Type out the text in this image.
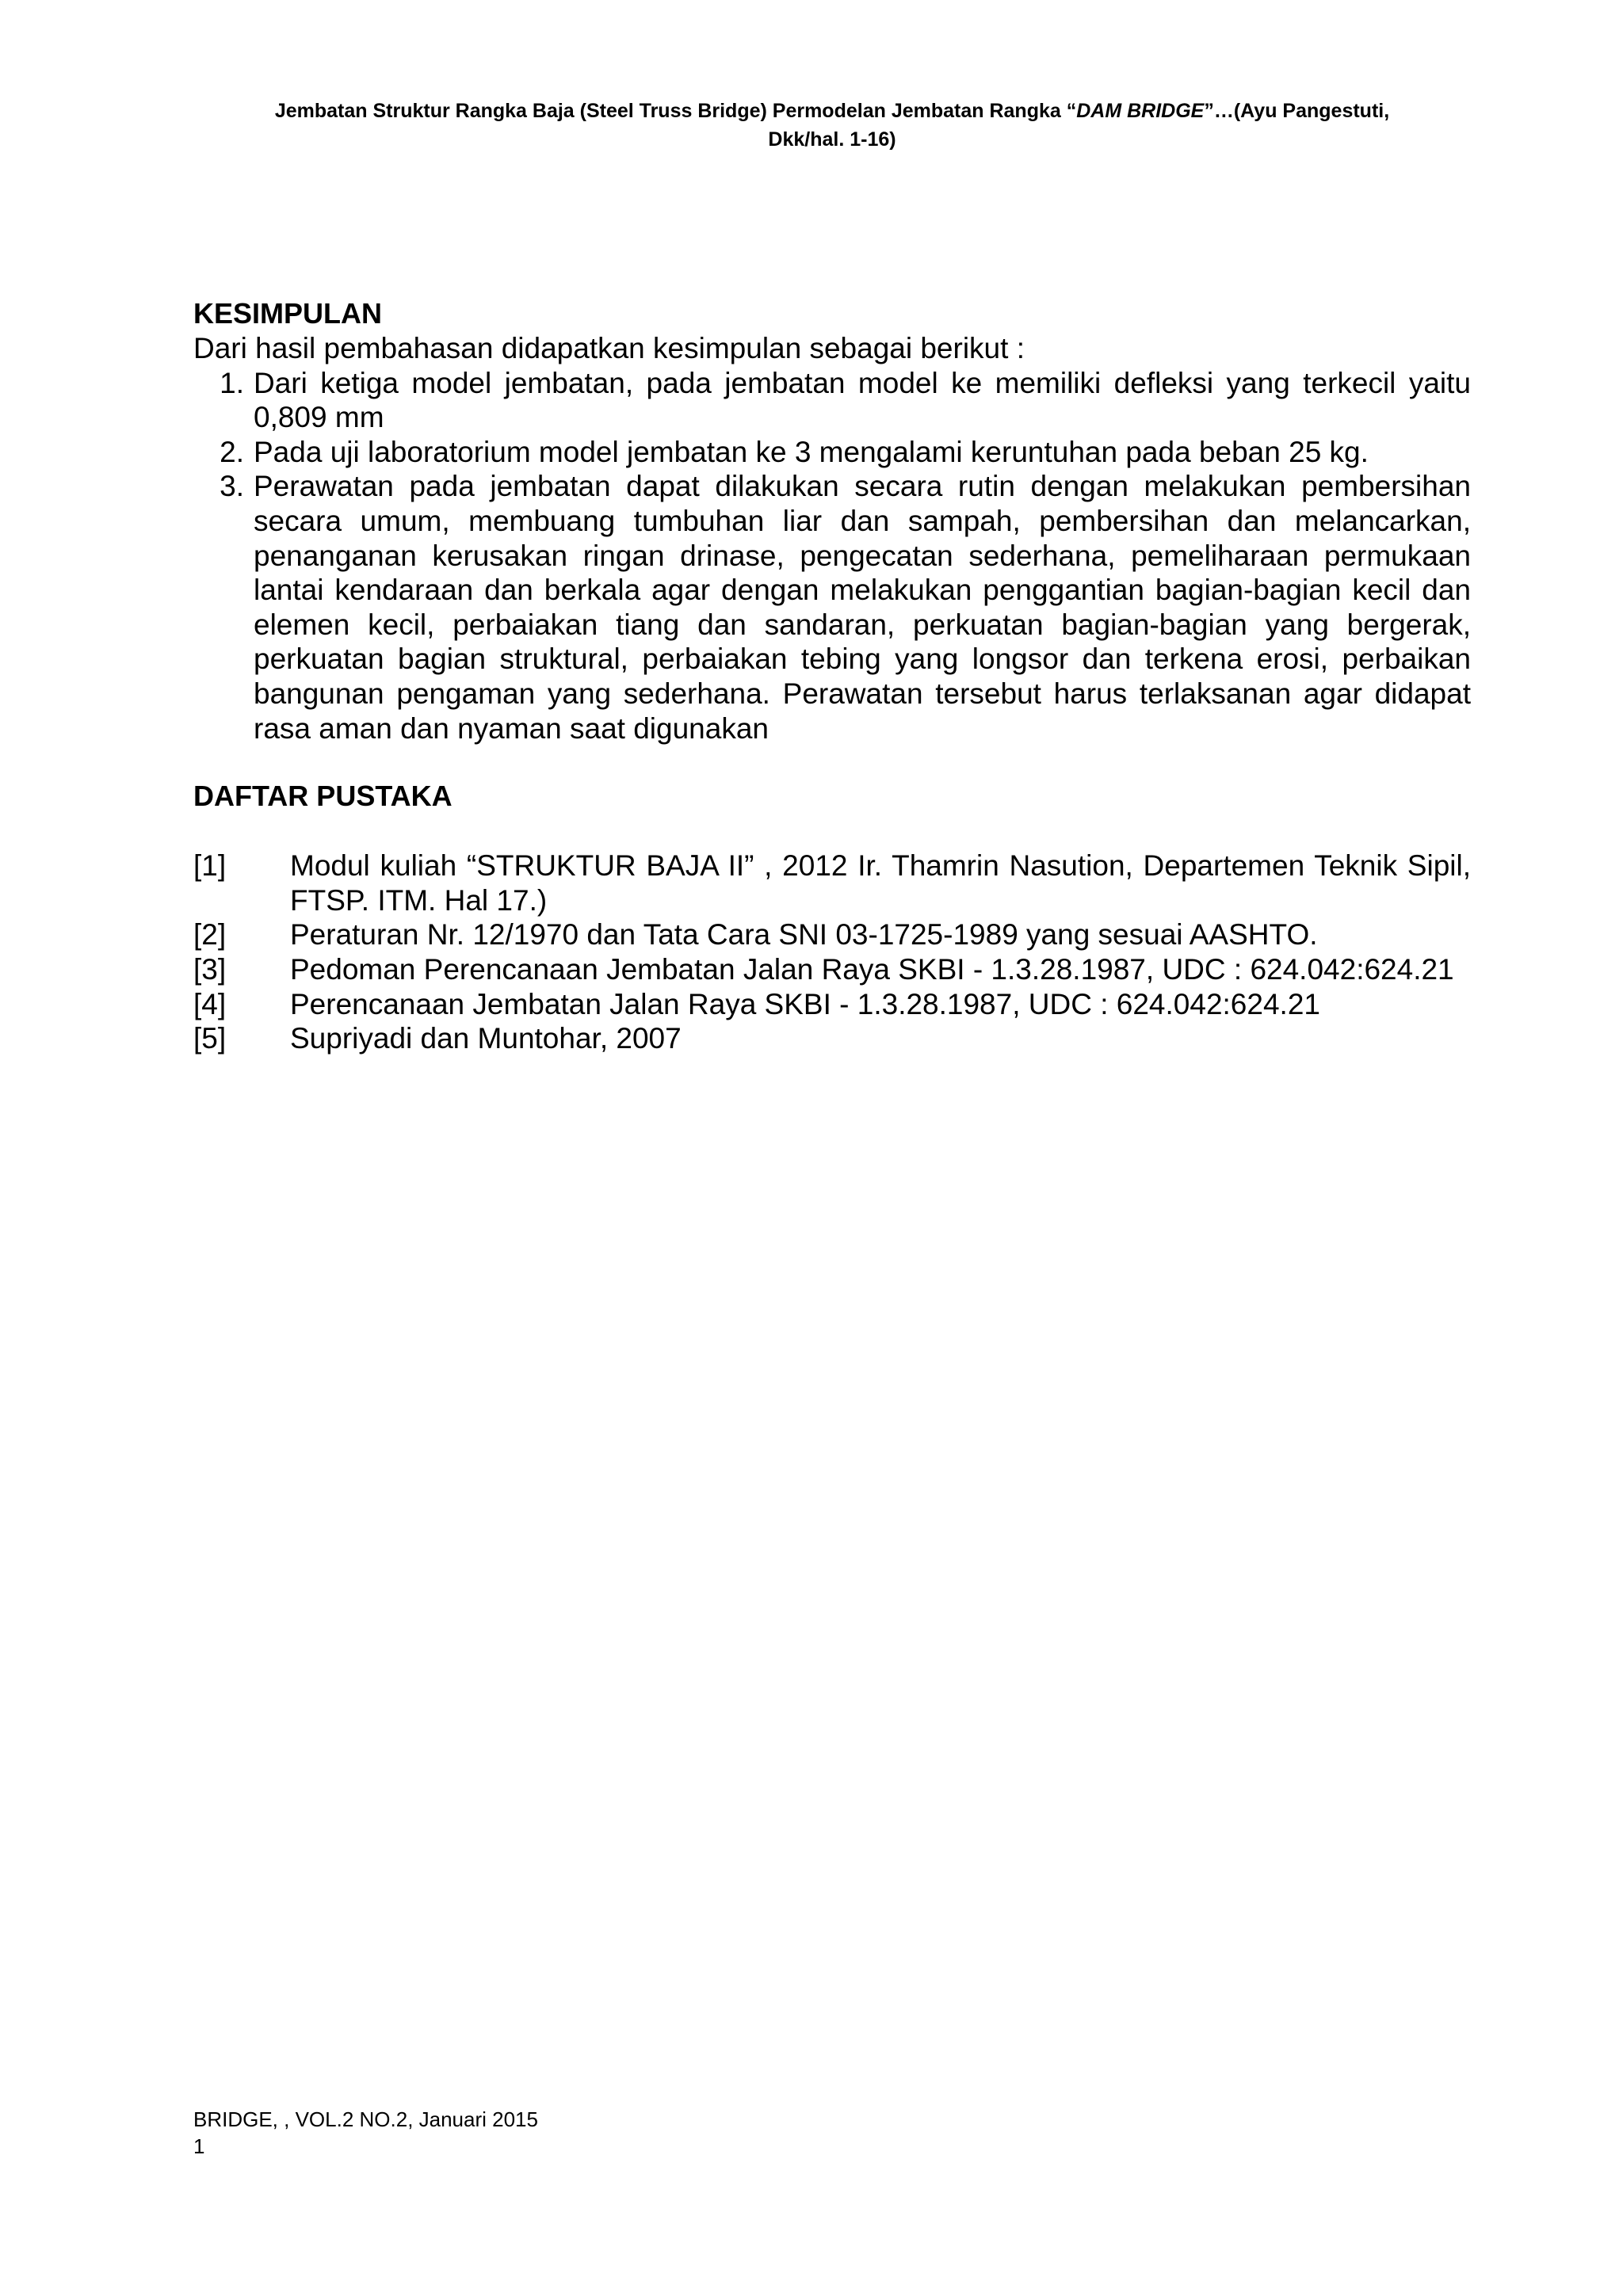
Jembatan Struktur Rangka Baja (Steel Truss Bridge) Permodelan Jembatan Rangka “DAM BRIDGE”…(Ayu Pangestuti,
Dkk/hal. 1-16)
KESIMPULAN

Dari hasil pembahasan didapatkan kesimpulan sebagai berikut :

1. Dari ketiga model jembatan, pada jembatan model ke memiliki defleksi yang terkecil yaitu 0,809 mm
2. Pada uji laboratorium model jembatan ke 3 mengalami keruntuhan pada beban 25 kg.
3. Perawatan pada jembatan dapat dilakukan secara rutin dengan melakukan pembersihan secara umum, membuang tumbuhan liar dan sampah, pembersihan dan melancarkan, penanganan kerusakan ringan drinase, pengecatan sederhana, pemeliharaan permukaan lantai kendaraan dan berkala agar dengan melakukan penggantian bagian-bagian kecil dan elemen kecil, perbaiakan tiang dan sandaran, perkuatan bagian-bagian yang bergerak, perkuatan bagian struktural, perbaiakan tebing yang longsor dan terkena erosi, perbaikan bangunan pengaman yang sederhana. Perawatan tersebut harus terlaksanan agar didapat rasa aman dan nyaman saat digunakan
DAFTAR PUSTAKA
[1]	Modul kuliah “STRUKTUR BAJA II” , 2012 Ir. Thamrin Nasution, Departemen Teknik Sipil, FTSP. ITM. Hal 17.)
[2]	Peraturan Nr. 12/1970 dan Tata Cara SNI 03-1725-1989 yang sesuai AASHTO.
[3]	Pedoman Perencanaan Jembatan Jalan Raya SKBI - 1.3.28.1987, UDC : 624.042:624.21
[4]	Perencanaan Jembatan Jalan Raya SKBI - 1.3.28.1987, UDC : 624.042:624.21
[5]	Supriyadi dan Muntohar, 2007
BRIDGE, , VOL.2 NO.2, Januari 2015
1
